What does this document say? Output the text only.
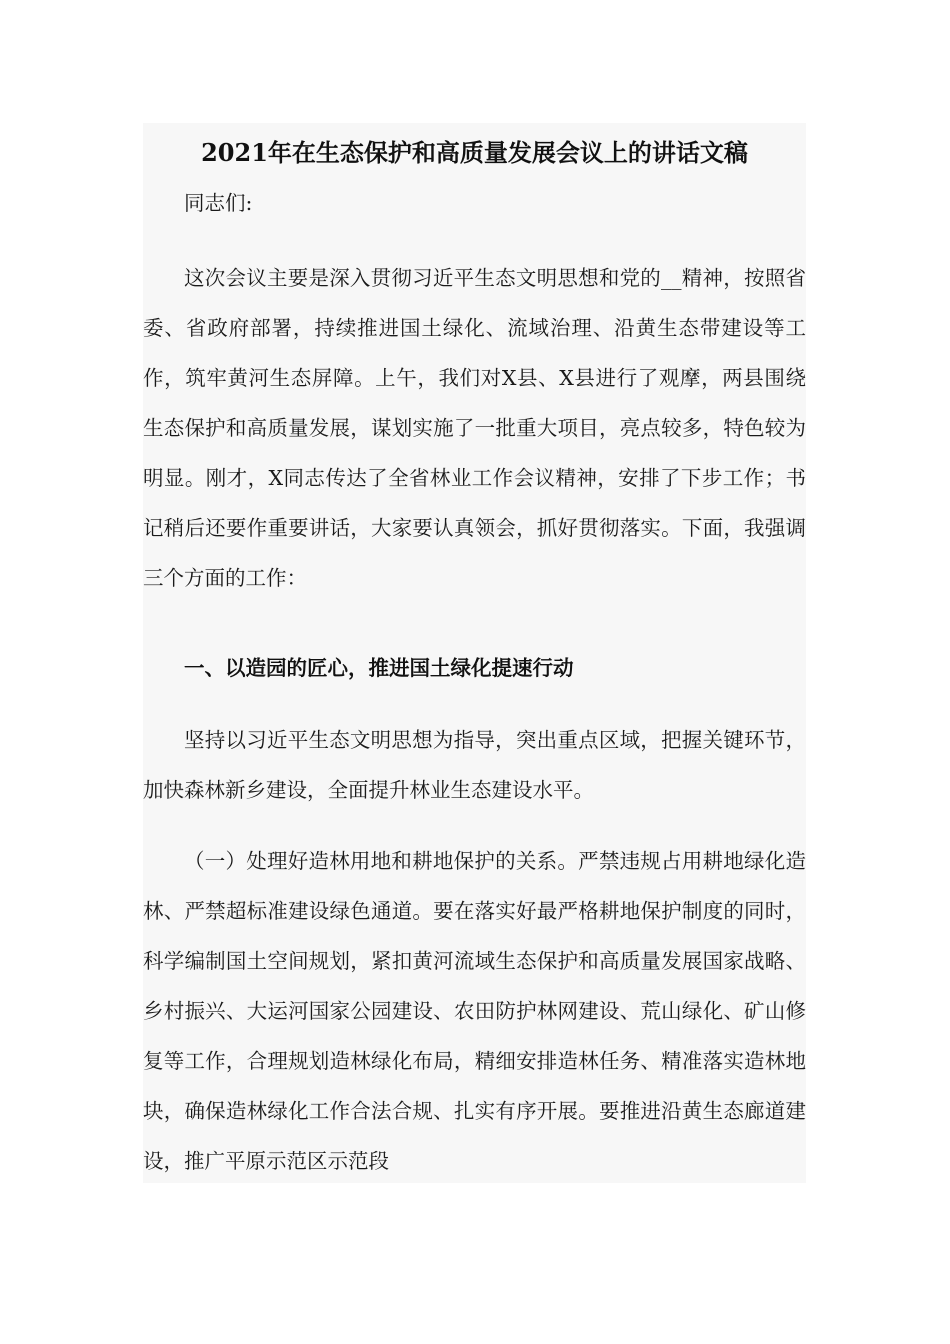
2021年在生态保护和高质量发展会议上的讲话文稿
同志们:
这次会议主要是深入贯彻习近平生态文明思想和党的__精神，按照省委、省政府部署，持续推进国土绿化、流域治理、沿黄生态带建设等工作，筑牢黄河生态屏障。上午，我们对X县、X县进行了观摩，两县围绕生态保护和高质量发展，谋划实施了一批重大项目，亮点较多，特色较为明显。刚才，X同志传达了全省林业工作会议精神，安排了下步工作；书记稍后还要作重要讲话，大家要认真领会，抓好贯彻落实。下面，我强调三个方面的工作：
一、以造园的匠心，推进国土绿化提速行动
坚持以习近平生态文明思想为指导，突出重点区域，把握关键环节，加快森林新乡建设，全面提升林业生态建设水平。
（一）处理好造林用地和耕地保护的关系。严禁违规占用耕地绿化造林、严禁超标准建设绿色通道。要在落实好最严格耕地保护制度的同时，科学编制国土空间规划，紧扣黄河流域生态保护和高质量发展国家战略、乡村振兴、大运河国家公园建设、农田防护林网建设、荒山绿化、矿山修复等工作，合理规划造林绿化布局，精细安排造林任务、精准落实造林地块，确保造林绿化工作合法合规、扎实有序开展。要推进沿黄生态廊道建设，推广平原示范区示范段
